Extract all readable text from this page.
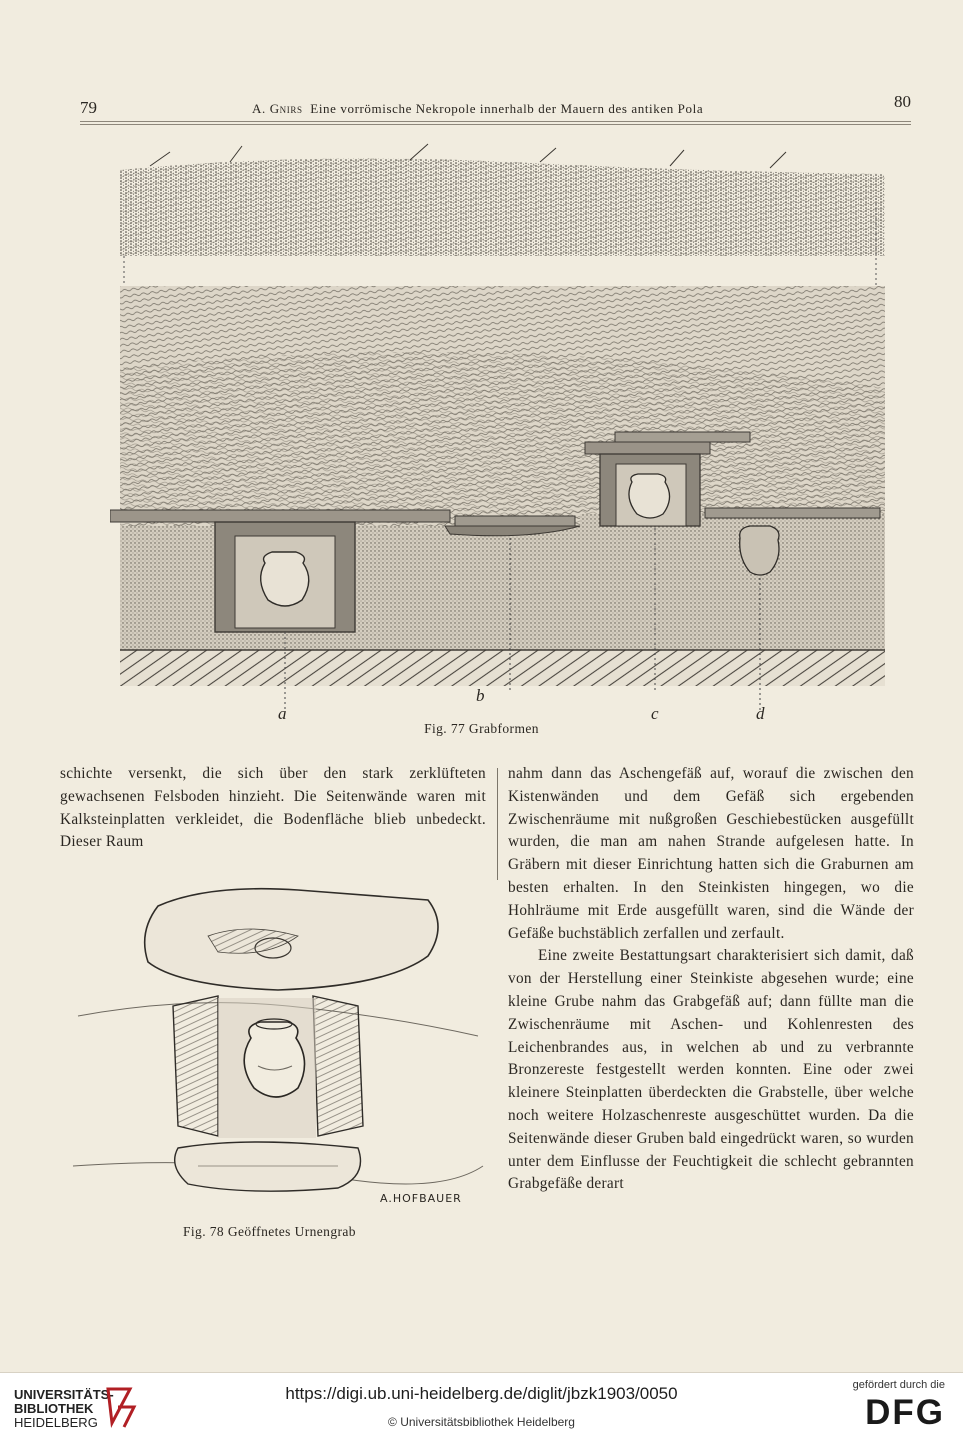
79	A. Gnirs Eine vorrömische Nekropole innerhalb der Mauern des antiken Pola	80
a
b
c	d
Fig. 77 Grabformen

schichte versenkt, die sich über den stark zerklüfteten gewachsenen Felsboden hinzieht. Die Seitenwände waren mit Kalksteinplatten verkleidet, die Bodenfläche blieb unbedeckt. Dieser Raum

A.HOFBAUER
Fig. 78 Geöffnetes Urnengrab

nahm dann das Aschengefäß auf, worauf die zwischen den Kistenwänden und dem Gefäß sich ergebenden Zwischenräume mit nußgroßen Geschiebestücken ausgefüllt wurden, die man am nahen Strande aufgelesen hatte. In Gräbern mit dieser Einrichtung hatten sich die Graburnen am besten erhalten. In den Steinkisten hingegen, wo die Hohlräume mit Erde ausgefüllt waren, sind die Wände der Gefäße buchstäblich zerfallen und zerfault.

Eine zweite Bestattungsart charakterisiert sich damit, daß von der Herstellung einer Steinkiste abgesehen wurde; eine kleine Grube nahm das Grabgefäß auf; dann füllte man die Zwischenräume mit Aschen- und Kohlenresten des Leichenbrandes aus, in welchen ab und zu verbrannte Bronzereste festgestellt werden konnten. Eine oder zwei kleinere Steinplatten überdeckten die Grabstelle, über welche noch weitere Holzaschenreste ausgeschüttet wurden. Da die Seitenwände dieser Gruben bald eingedrückt waren, so wurden unter dem Einflusse der Feuchtigkeit die schlecht gebrannten Grabgefäße derart

UNIVERSITÄTS-
BIBLIOTHEK
HEIDELBERG
https://digi.ub.uni-heidelberg.de/diglit/jbzk1903/0050
© Universitätsbibliothek Heidelberg
gefördert durch die
DFG
